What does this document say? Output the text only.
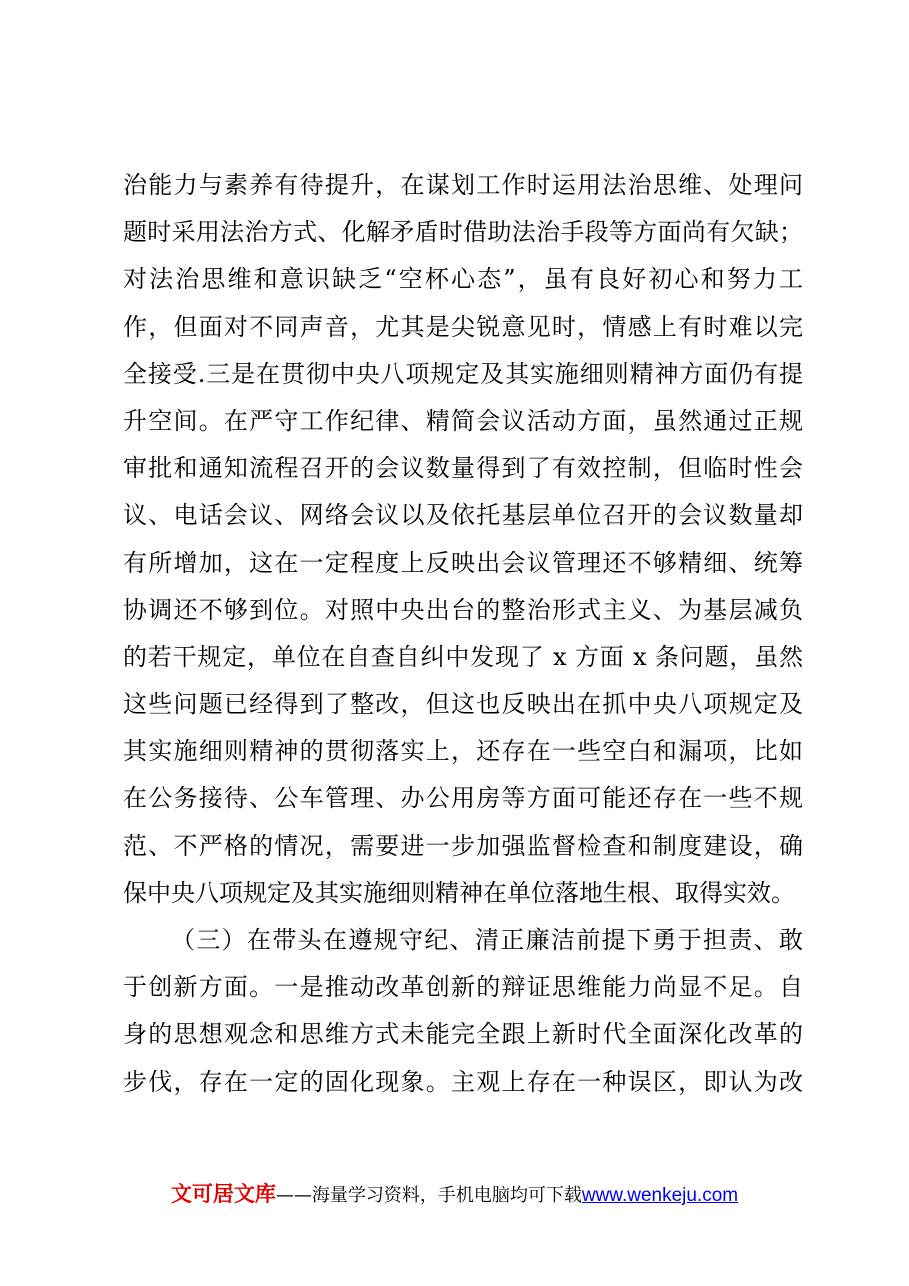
治能力与素养有待提升，在谋划工作时运用法治思维、处理问
题时采用法治方式、化解矛盾时借助法治手段等方面尚有欠缺；
对法治思维和意识缺乏“空杯心态”，虽有良好初心和努力工
作，但面对不同声音，尤其是尖锐意见时，情感上有时难以完
全接受.三是在贯彻中央八项规定及其实施细则精神方面仍有提
升空间。在严守工作纪律、精简会议活动方面，虽然通过正规
审批和通知流程召开的会议数量得到了有效控制，但临时性会
议、电话会议、网络会议以及依托基层单位召开的会议数量却
有所增加，这在一定程度上反映出会议管理还不够精细、统筹
协调还不够到位。对照中央出台的整治形式主义、为基层减负
的若干规定，单位在自查自纠中发现了 x 方面 x 条问题，虽然
这些问题已经得到了整改，但这也反映出在抓中央八项规定及
其实施细则精神的贯彻落实上，还存在一些空白和漏项，比如
在公务接待、公车管理、办公用房等方面可能还存在一些不规
范、不严格的情况，需要进一步加强监督检查和制度建设，确
保中央八项规定及其实施细则精神在单位落地生根、取得实效。
（三）在带头在遵规守纪、清正廉洁前提下勇于担责、敢
于创新方面。一是推动改革创新的辩证思维能力尚显不足。自
身的思想观念和思维方式未能完全跟上新时代全面深化改革的
步伐，存在一定的固化现象。主观上存在一种误区，即认为改
文可居文库——海量学习资料，手机电脑均可下载www.wenkeju.com
